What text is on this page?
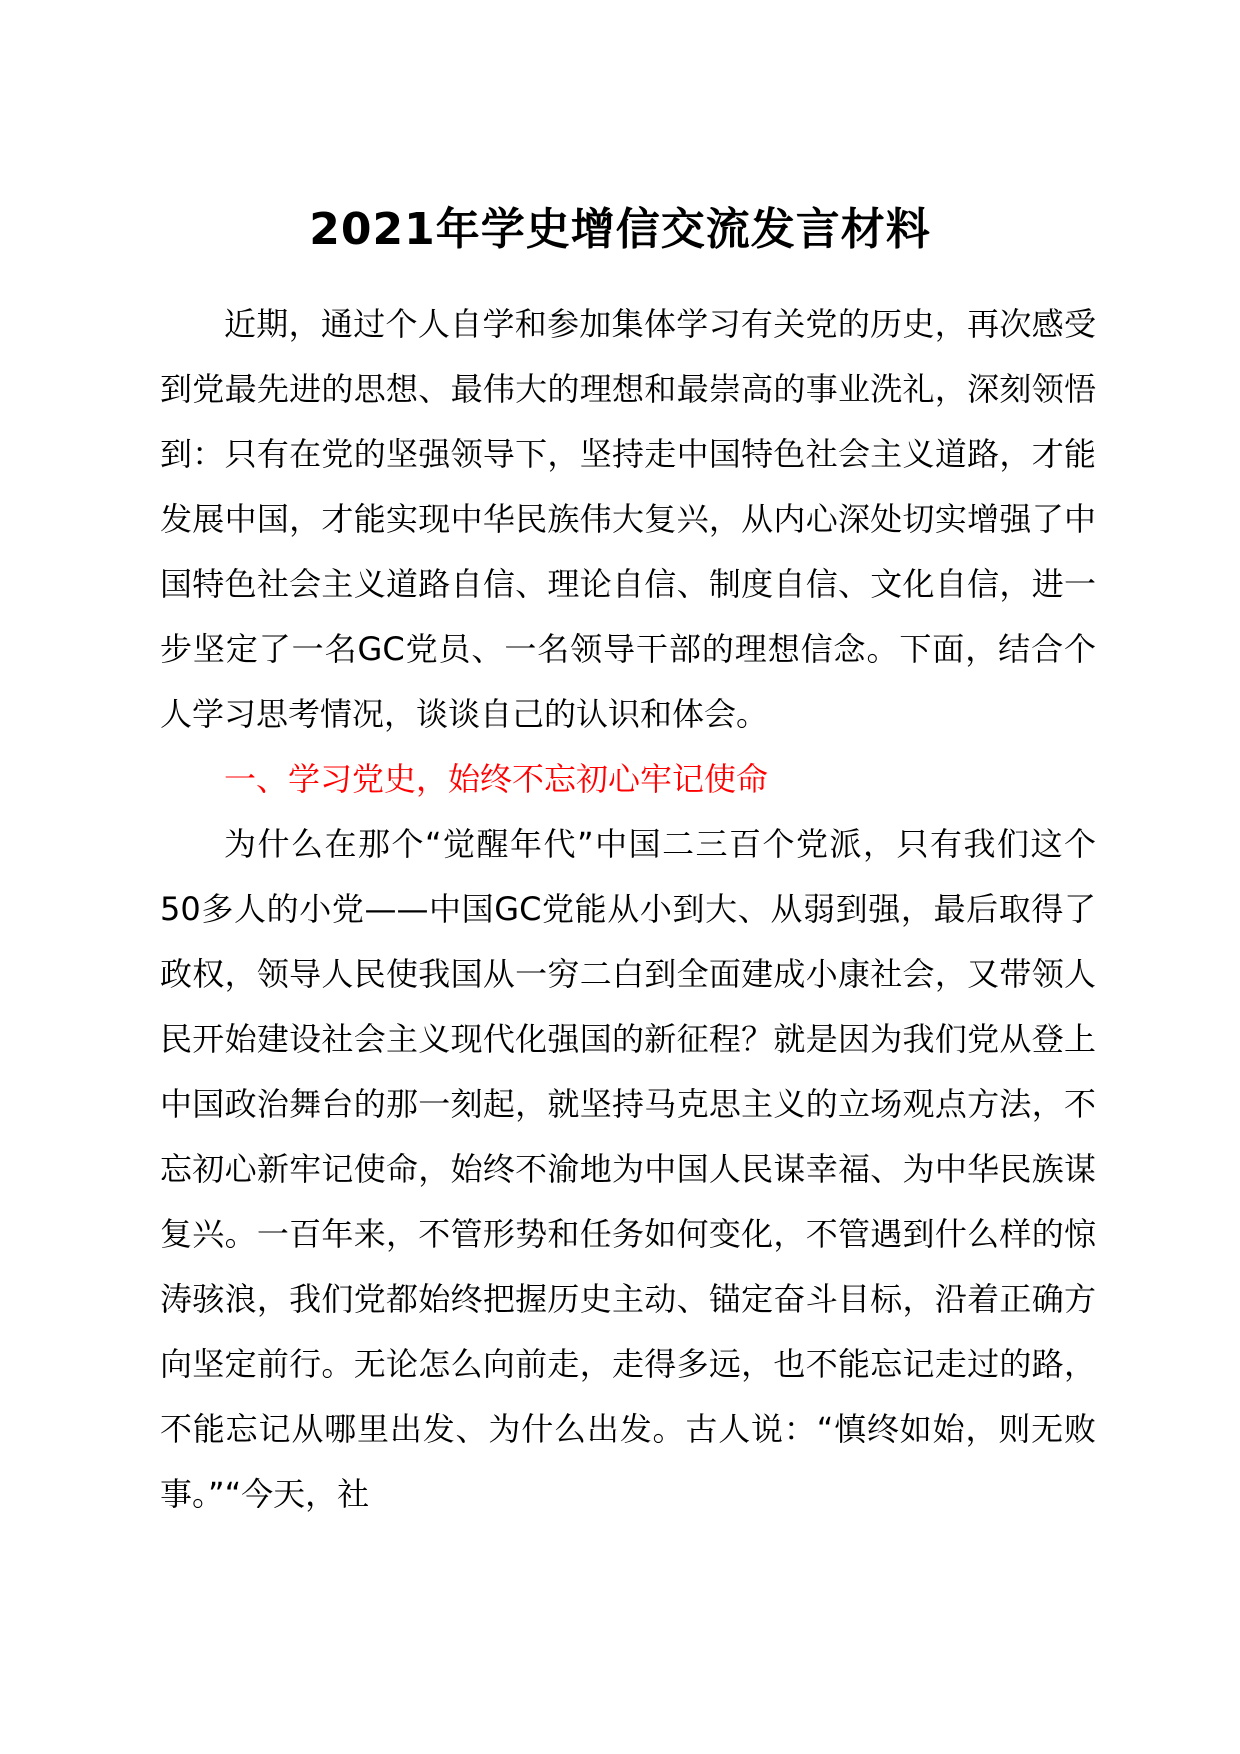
2021年学史增信交流发言材料

近期，通过个人自学和参加集体学习有关党的历史，再次感受到党最先进的思想、最伟大的理想和最崇高的事业洗礼，深刻领悟到：只有在党的坚强领导下，坚持走中国特色社会主义道路，才能发展中国，才能实现中华民族伟大复兴，从内心深处切实增强了中国特色社会主义道路自信、理论自信、制度自信、文化自信，进一步坚定了一名GC党员、一名领导干部的理想信念。下面，结合个人学习思考情况，谈谈自己的认识和体会。

一、学习党史，始终不忘初心牢记使命

为什么在那个“觉醒年代”中国二三百个党派，只有我们这个50多人的小党——中国GC党能从小到大、从弱到强，最后取得了政权，领导人民使我国从一穷二白到全面建成小康社会，又带领人民开始建设社会主义现代化强国的新征程？就是因为我们党从登上中国政治舞台的那一刻起，就坚持马克思主义的立场观点方法，不忘初心新牢记使命，始终不渝地为中国人民谋幸福、为中华民族谋复兴。一百年来，不管形势和任务如何变化，不管遇到什么样的惊涛骇浪，我们党都始终把握历史主动、锚定奋斗目标，沿着正确方向坚定前行。无论怎么向前走，走得多远，也不能忘记走过的路，不能忘记从哪里出发、为什么出发。古人说：“慎终如始，则无败事。”“今天，社
